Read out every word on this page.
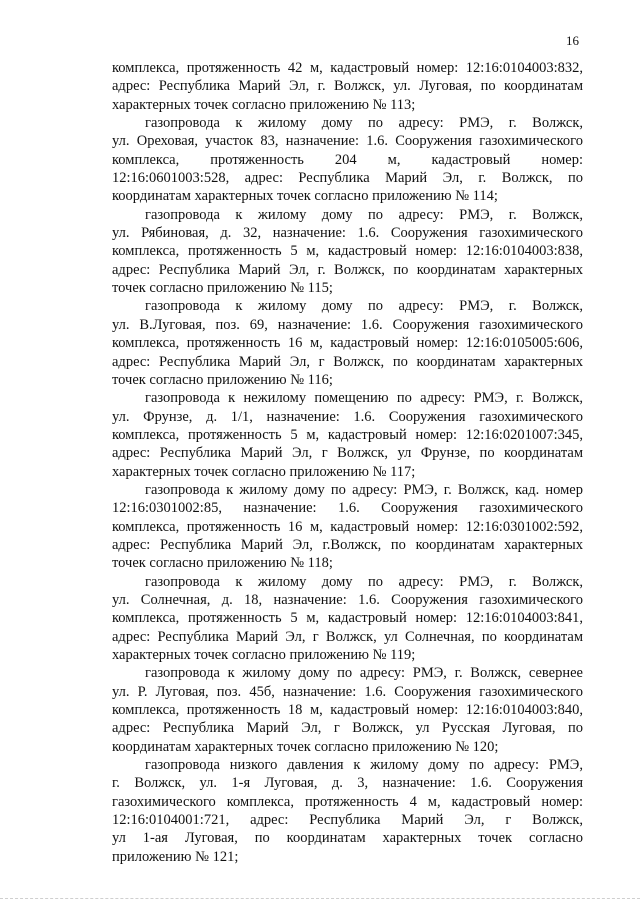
16
комплекса, протяженность 42 м, кадастровый номер: 12:16:0104003:832,
адрес: Республика Марий Эл, г. Волжск, ул. Луговая, по координатам
характерных точек согласно приложению № 113;
газопровода к жилому дому по адресу: РМЭ, г. Волжск,
ул. Ореховая, участок 83, назначение: 1.6. Сооружения газохимического
комплекса, протяженность 204 м, кадастровый номер:
12:16:0601003:528, адрес: Республика Марий Эл, г. Волжск, по
координатам характерных точек согласно приложению № 114;
газопровода к жилому дому по адресу: РМЭ, г. Волжск,
ул. Рябиновая, д. 32, назначение: 1.6. Сооружения газохимического
комплекса, протяженность 5 м, кадастровый номер: 12:16:0104003:838,
адрес: Республика Марий Эл, г. Волжск, по координатам характерных
точек согласно приложению № 115;
газопровода к жилому дому по адресу: РМЭ, г. Волжск,
ул. В.Луговая, поз. 69, назначение: 1.6. Сооружения газохимического
комплекса, протяженность 16 м, кадастровый номер: 12:16:0105005:606,
адрес: Республика Марий Эл, г Волжск, по координатам характерных
точек согласно приложению № 116;
газопровода к нежилому помещению по адресу: РМЭ, г. Волжск,
ул. Фрунзе, д. 1/1, назначение: 1.6. Сооружения газохимического
комплекса, протяженность 5 м, кадастровый номер: 12:16:0201007:345,
адрес: Республика Марий Эл, г Волжск, ул Фрунзе, по координатам
характерных точек согласно приложению № 117;
газопровода к жилому дому по адресу: РМЭ, г. Волжск, кад. номер
12:16:0301002:85, назначение: 1.6. Сооружения газохимического
комплекса, протяженность 16 м, кадастровый номер: 12:16:0301002:592,
адрес: Республика Марий Эл, г.Волжск, по координатам характерных
точек согласно приложению № 118;
газопровода к жилому дому по адресу: РМЭ, г. Волжск,
ул. Солнечная, д. 18, назначение: 1.6. Сооружения газохимического
комплекса, протяженность 5 м, кадастровый номер: 12:16:0104003:841,
адрес: Республика Марий Эл, г Волжск, ул Солнечная, по координатам
характерных точек согласно приложению № 119;
газопровода к жилому дому по адресу: РМЭ, г. Волжск, севернее
ул. Р. Луговая, поз. 45б, назначение: 1.6. Сооружения газохимического
комплекса, протяженность 18 м, кадастровый номер: 12:16:0104003:840,
адрес: Республика Марий Эл, г Волжск, ул Русская Луговая, по
координатам характерных точек согласно приложению № 120;
газопровода низкого давления к жилому дому по адресу: РМЭ,
г. Волжск, ул. 1-я Луговая, д. 3, назначение: 1.6. Сооружения
газохимического комплекса, протяженность 4 м, кадастровый номер:
12:16:0104001:721, адрес: Республика Марий Эл, г Волжск,
ул 1-ая Луговая, по координатам характерных точек согласно
приложению № 121;
